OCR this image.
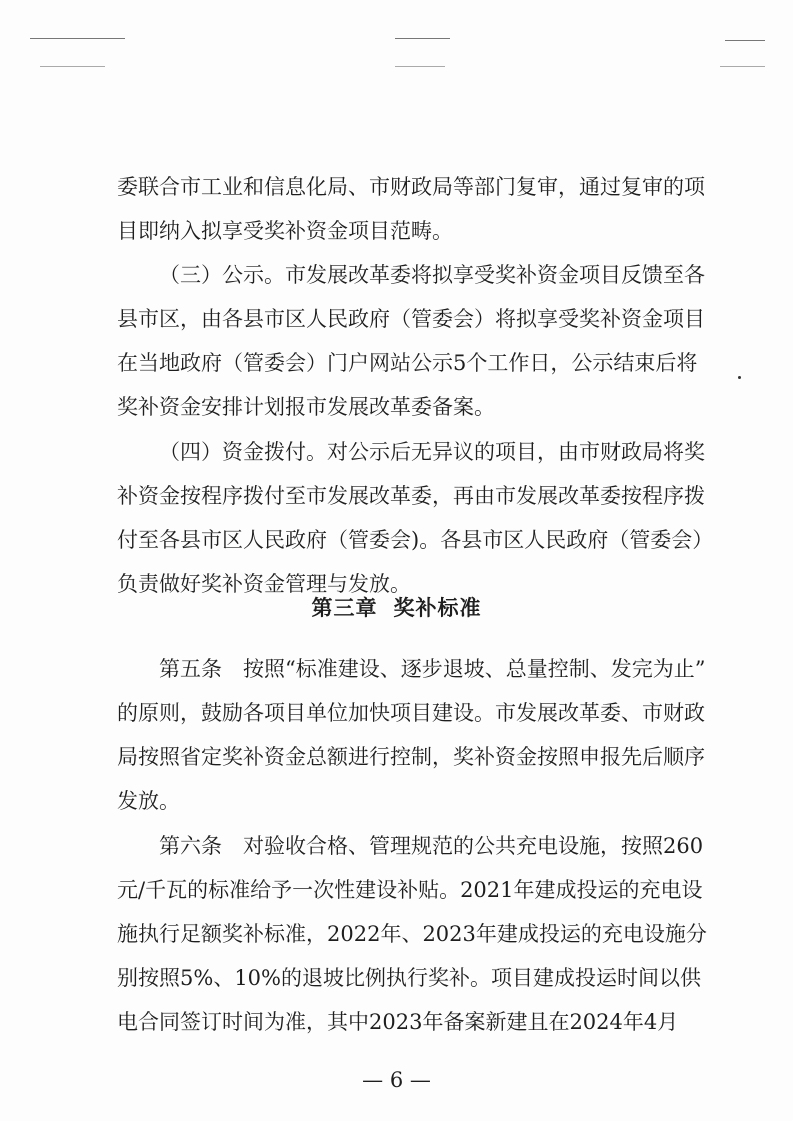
委联合市工业和信息化局、市财政局等部门复审，通过复审的项
目即纳入拟享受奖补资金项目范畴。
（三）公示。市发展改革委将拟享受奖补资金项目反馈至各
县市区，由各县市区人民政府（管委会）将拟享受奖补资金项目
在当地政府（管委会）门户网站公示5个工作日，公示结束后将
奖补资金安排计划报市发展改革委备案。
（四）资金拨付。对公示后无异议的项目，由市财政局将奖
补资金按程序拨付至市发展改革委，再由市发展改革委按程序拨
付至各县市区人民政府（管委会)。各县市区人民政府（管委会）
负责做好奖补资金管理与发放。
第三章 奖补标准
第五条　按照“标准建设、逐步退坡、总量控制、发完为止”
的原则，鼓励各项目单位加快项目建设。市发展改革委、市财政
局按照省定奖补资金总额进行控制，奖补资金按照申报先后顺序
发放。
第六条　对验收合格、管理规范的公共充电设施，按照260
元/千瓦的标准给予一次性建设补贴。2021年建成投运的充电设
施执行足额奖补标准，2022年、2023年建成投运的充电设施分
别按照5%、10%的退坡比例执行奖补。项目建成投运时间以供
电合同签订时间为准，其中2023年备案新建且在2024年4月
— 6 —
